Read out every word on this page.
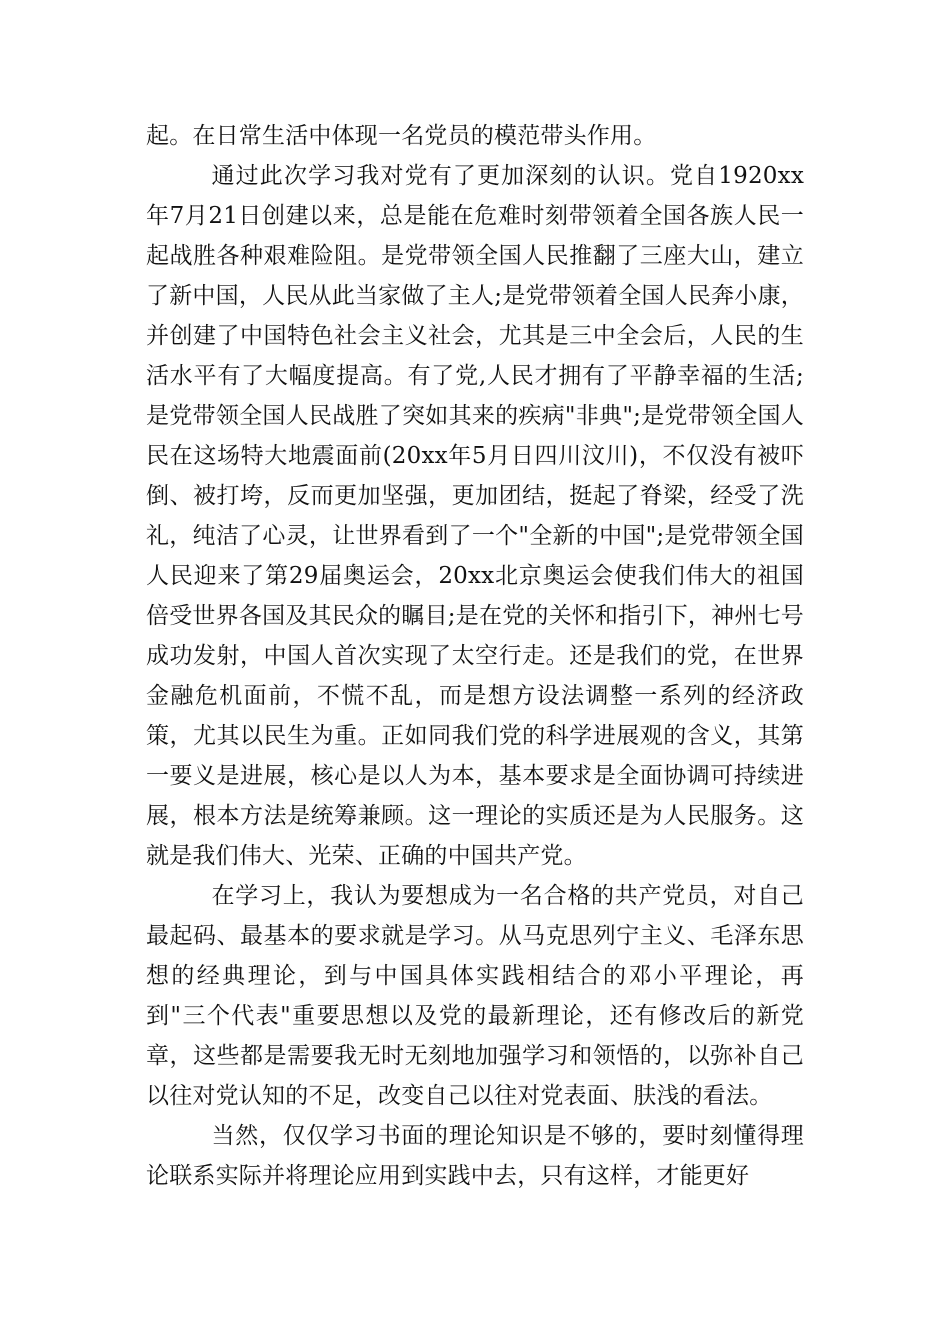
起。在日常生活中体现一名党员的模范带头作用。

通过此次学习我对党有了更加深刻的认识。党自1920xx年7月21日创建以来，总是能在危难时刻带领着全国各族人民一起战胜各种艰难险阻。是党带领全国人民推翻了三座大山，建立了新中国，人民从此当家做了主人;是党带领着全国人民奔小康，并创建了中国特色社会主义社会，尤其是三中全会后，人民的生活水平有了大幅度提高。有了党,人民才拥有了平静幸福的生活;是党带领全国人民战胜了突如其来的疾病"非典";是党带领全国人民在这场特大地震面前(20xx年5月日四川汶川)，不仅没有被吓倒、被打垮，反而更加坚强，更加团结，挺起了脊梁，经受了洗礼，纯洁了心灵，让世界看到了一个"全新的中国";是党带领全国人民迎来了第29届奥运会，20xx北京奥运会使我们伟大的祖国倍受世界各国及其民众的瞩目;是在党的关怀和指引下，神州七号成功发射，中国人首次实现了太空行走。还是我们的党，在世界金融危机面前，不慌不乱，而是想方设法调整一系列的经济政策，尤其以民生为重。正如同我们党的科学进展观的含义，其第一要义是进展，核心是以人为本，基本要求是全面协调可持续进展，根本方法是统筹兼顾。这一理论的实质还是为人民服务。这就是我们伟大、光荣、正确的中国共产党。

在学习上，我认为要想成为一名合格的共产党员，对自己最起码、最基本的要求就是学习。从马克思列宁主义、毛泽东思想的经典理论，到与中国具体实践相结合的邓小平理论，再到"三个代表"重要思想以及党的最新理论，还有修改后的新党章，这些都是需要我无时无刻地加强学习和领悟的，以弥补自己以往对党认知的不足，改变自己以往对党表面、肤浅的看法。

当然，仅仅学习书面的理论知识是不够的，要时刻懂得理论联系实际并将理论应用到实践中去，只有这样，才能更好
